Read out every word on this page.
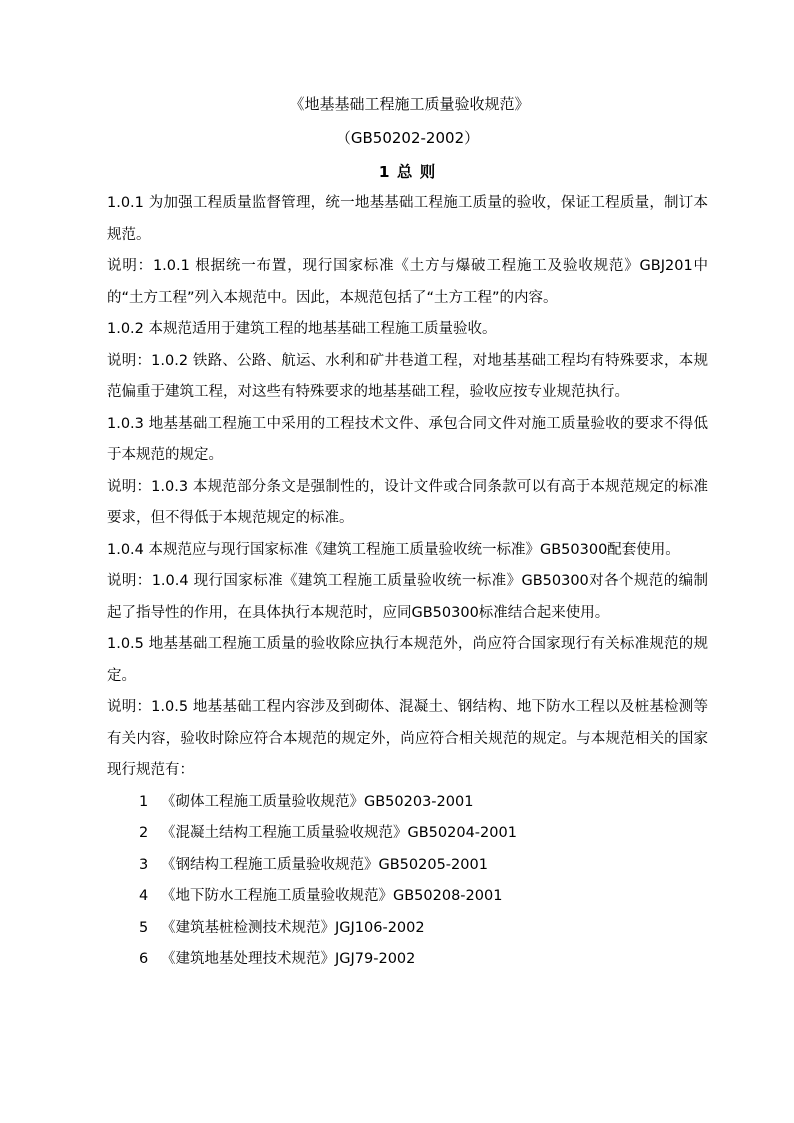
《地基基础工程施工质量验收规范》

（GB50202-2002）

1 总 则

1.0.1 为加强工程质量监督管理，统一地基基础工程施工质量的验收，保证工程质量，制订本规范。

说明：1.0.1 根据统一布置，现行国家标准《土方与爆破工程施工及验收规范》GBJ201中的“土方工程”列入本规范中。因此，本规范包括了“土方工程”的内容。

1.0.2 本规范适用于建筑工程的地基基础工程施工质量验收。

说明：1.0.2 铁路、公路、航运、水利和矿井巷道工程，对地基基础工程均有特殊要求，本规范偏重于建筑工程，对这些有特殊要求的地基基础工程，验收应按专业规范执行。

1.0.3 地基基础工程施工中采用的工程技术文件、承包合同文件对施工质量验收的要求不得低于本规范的规定。

说明：1.0.3 本规范部分条文是强制性的，设计文件或合同条款可以有高于本规范规定的标准要求，但不得低于本规范规定的标准。

1.0.4 本规范应与现行国家标准《建筑工程施工质量验收统一标准》GB50300配套使用。

说明：1.0.4 现行国家标准《建筑工程施工质量验收统一标准》GB50300对各个规范的编制起了指导性的作用，在具体执行本规范时，应同GB50300标准结合起来使用。

1.0.5 地基基础工程施工质量的验收除应执行本规范外，尚应符合国家现行有关标准规范的规定。

说明：1.0.5 地基基础工程内容涉及到砌体、混凝土、钢结构、地下防水工程以及桩基检测等有关内容，验收时除应符合本规范的规定外，尚应符合相关规范的规定。与本规范相关的国家现行规范有：

1 《砌体工程施工质量验收规范》GB50203-2001
2 《混凝土结构工程施工质量验收规范》GB50204-2001
3 《钢结构工程施工质量验收规范》GB50205-2001
4 《地下防水工程施工质量验收规范》GB50208-2001
5 《建筑基桩检测技术规范》JGJ106-2002
6 《建筑地基处理技术规范》JGJ79-2002
